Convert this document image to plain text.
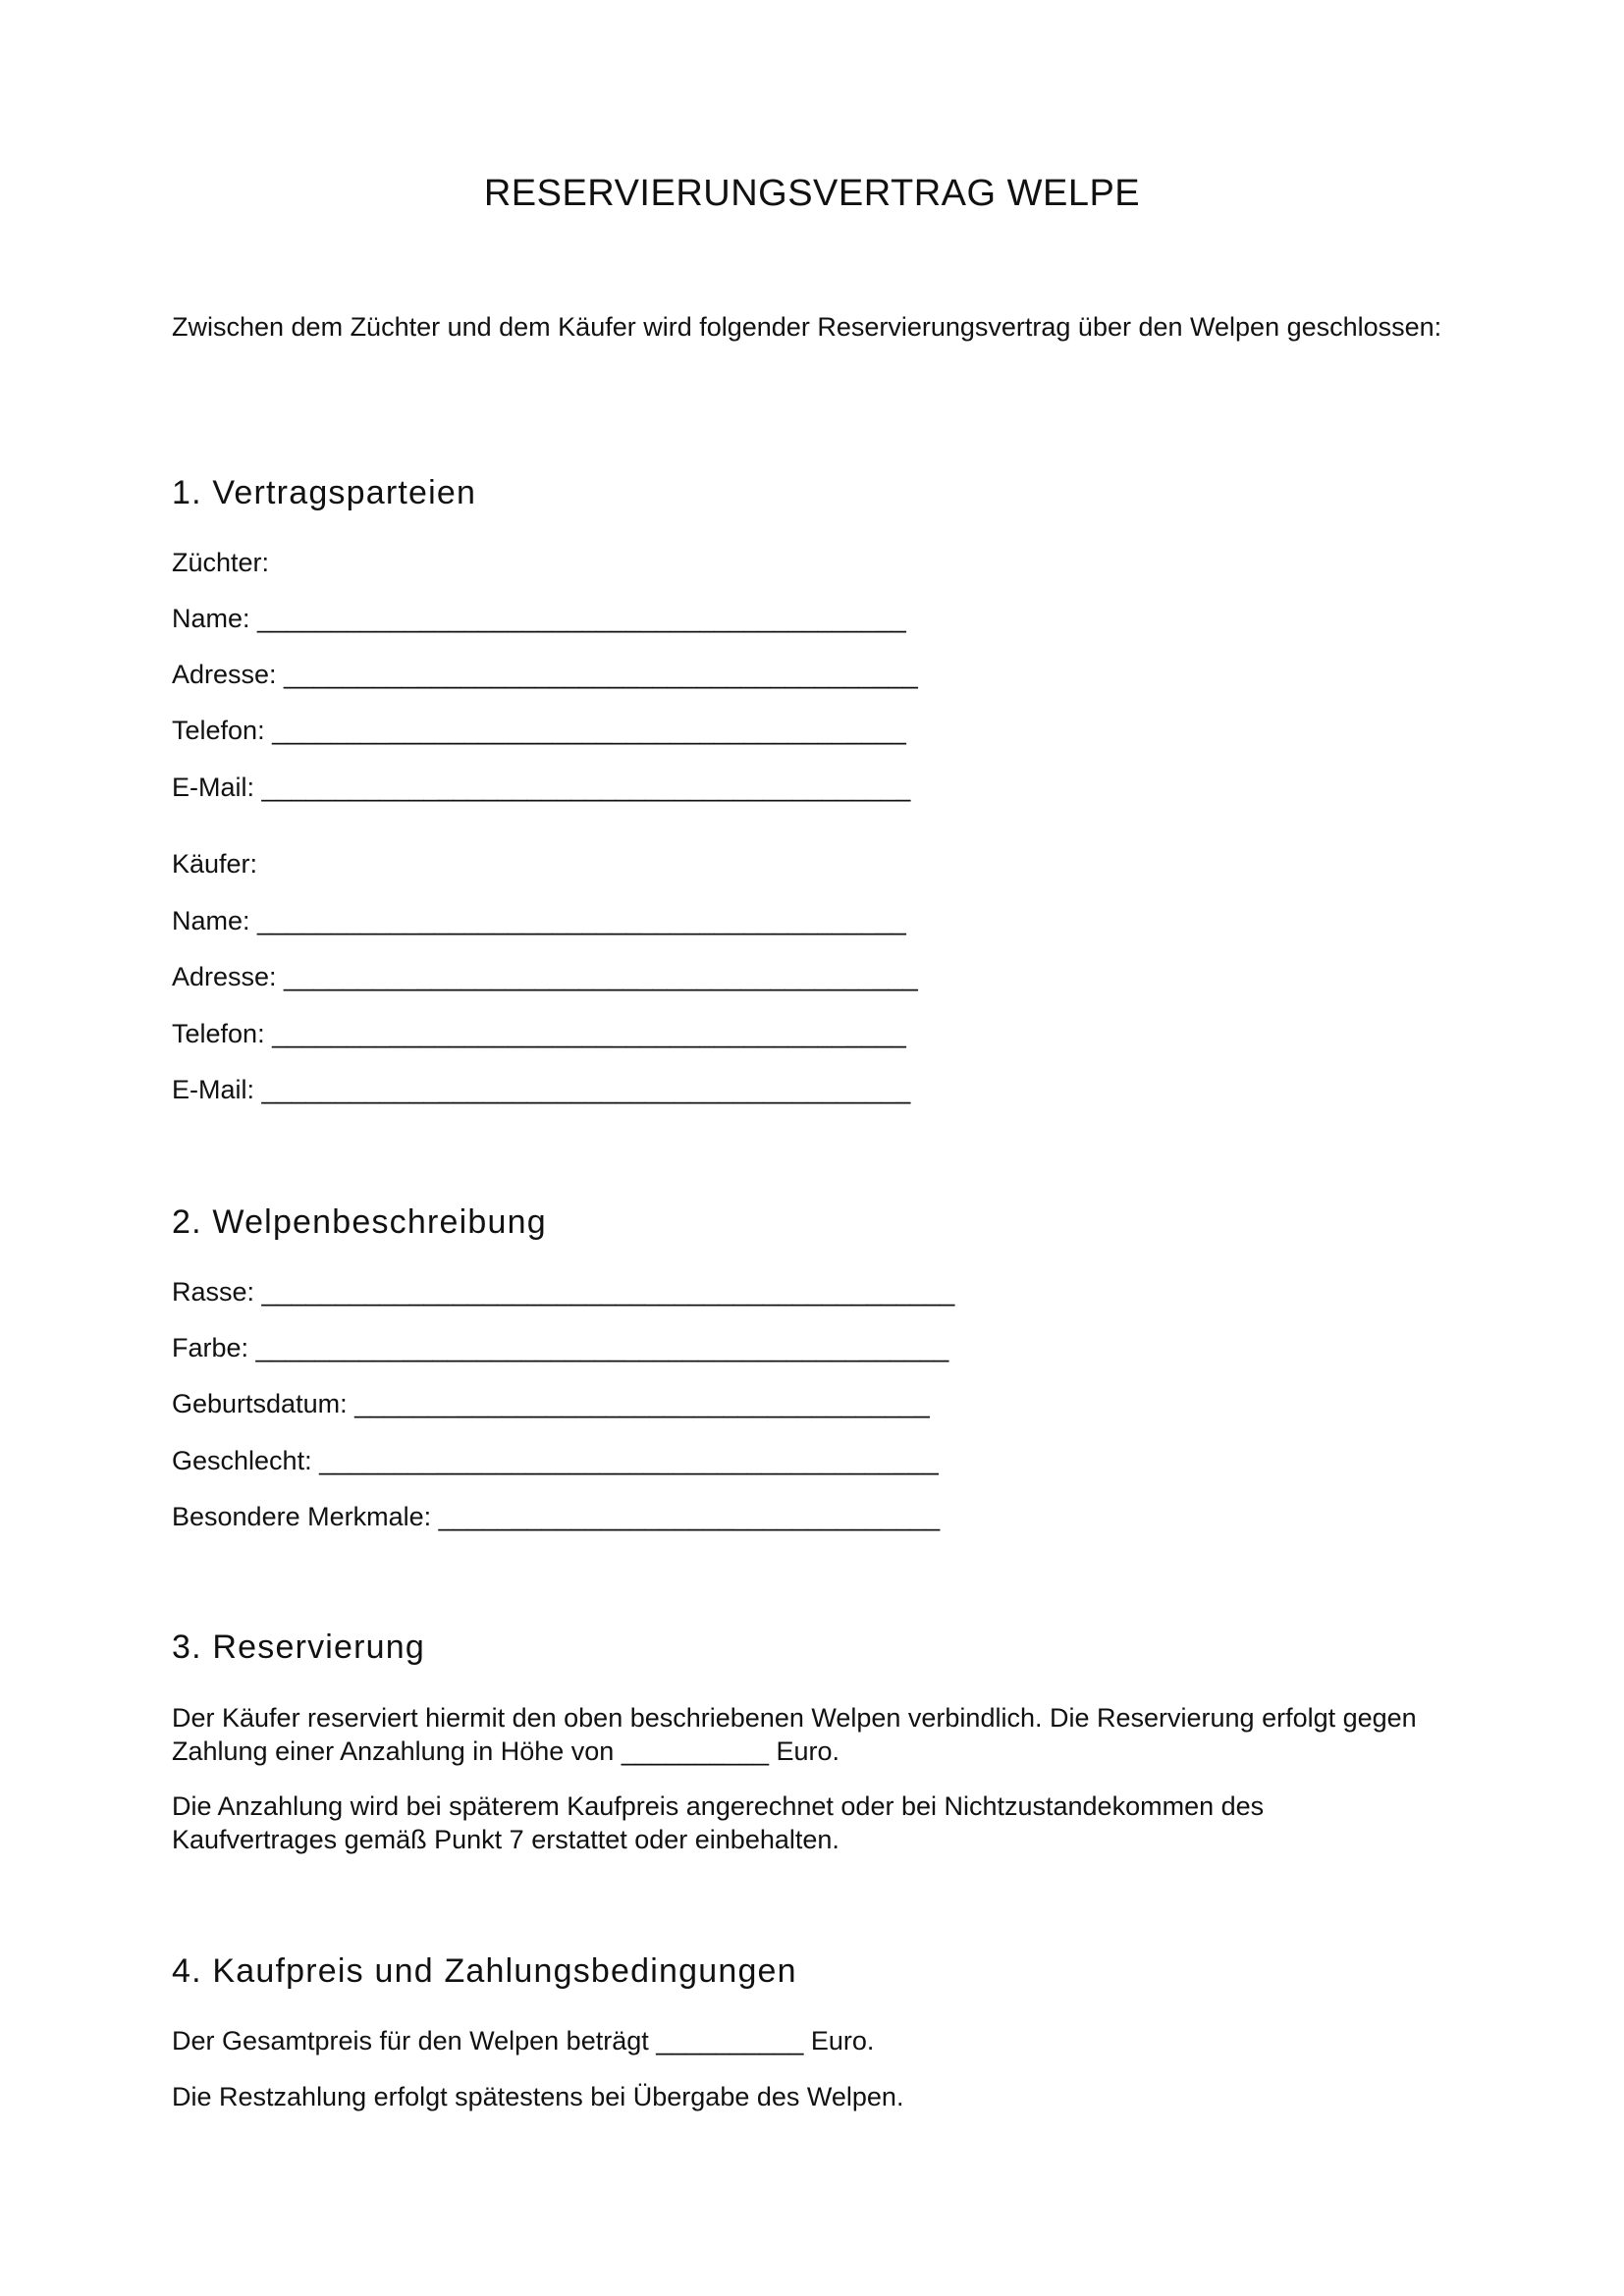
RESERVIERUNGSVERTRAG WELPE

Zwischen dem Züchter und dem Käufer wird folgender Reservierungsvertrag über den Welpen geschlossen:

1. Vertragsparteien

Züchter:

Name: ____________________________________________

Adresse: ___________________________________________

Telefon: ___________________________________________

E-Mail: ____________________________________________

Käufer:

Name: ____________________________________________

Adresse: ___________________________________________

Telefon: ___________________________________________

E-Mail: ____________________________________________

2. Welpenbeschreibung

Rasse: _______________________________________________

Farbe: _______________________________________________

Geburtsdatum: _______________________________________

Geschlecht: __________________________________________

Besondere Merkmale: __________________________________

3. Reservierung

Der Käufer reserviert hiermit den oben beschriebenen Welpen verbindlich. Die Reservierung erfolgt gegen

Zahlung einer Anzahlung in Höhe von __________ Euro.

Die Anzahlung wird bei späterem Kaufpreis angerechnet oder bei Nichtzustandekommen des

Kaufvertrages gemäß Punkt 7 erstattet oder einbehalten.

4. Kaufpreis und Zahlungsbedingungen

Der Gesamtpreis für den Welpen beträgt __________ Euro.

Die Restzahlung erfolgt spätestens bei Übergabe des Welpen.
